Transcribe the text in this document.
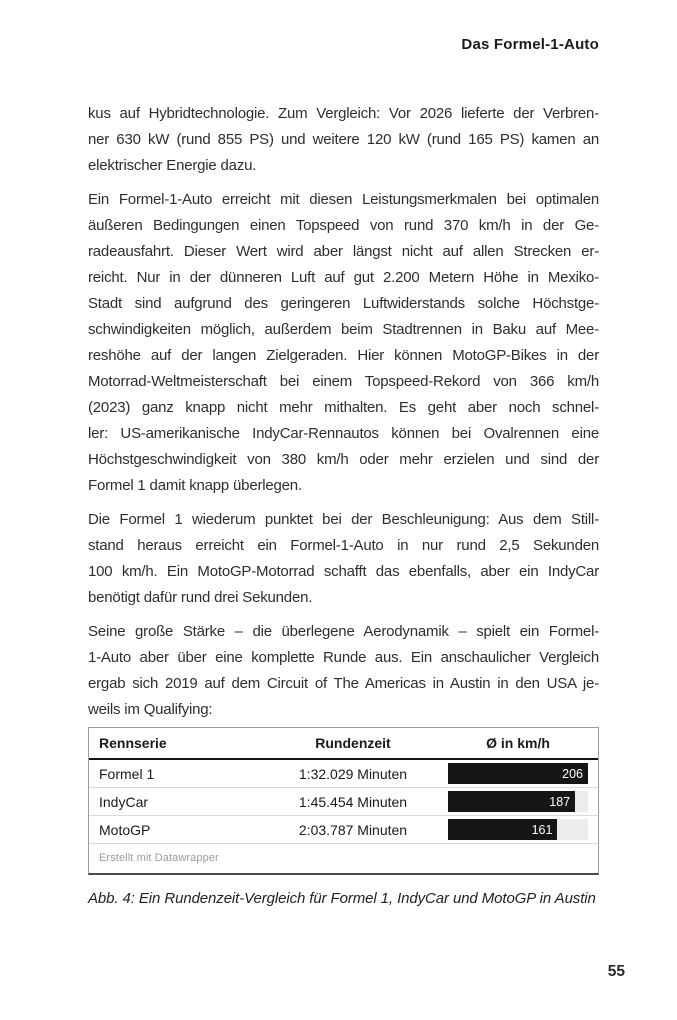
Das Formel-1-Auto
kus auf Hybridtechnologie. Zum Vergleich: Vor 2026 lieferte der Verbren-
ner 630 kW (rund 855 PS) und weitere 120 kW (rund 165 PS) kamen an
elektrischer Energie dazu.
Ein Formel-1-Auto erreicht mit diesen Leistungsmerkmalen bei optimalen
äußeren Bedingungen einen Topspeed von rund 370 km/h in der Ge-
radeausfahrt. Dieser Wert wird aber längst nicht auf allen Strecken er-
reicht. Nur in der dünneren Luft auf gut 2.200 Metern Höhe in Mexiko-
Stadt sind aufgrund des geringeren Luftwiderstands solche Höchstge-
schwindigkeiten möglich, außerdem beim Stadtrennen in Baku auf Mee-
reshöhe auf der langen Zielgeraden. Hier können MotoGP-Bikes in der
Motorrad-Weltmeisterschaft bei einem Topspeed-Rekord von 366 km/h
(2023) ganz knapp nicht mehr mithalten. Es geht aber noch schnel-
ler: US-amerikanische IndyCar-Rennautos können bei Ovalrennen eine
Höchstgeschwindigkeit von 380 km/h oder mehr erzielen und sind der
Formel 1 damit knapp überlegen.
Die Formel 1 wiederum punktet bei der Beschleunigung: Aus dem Still-
stand heraus erreicht ein Formel-1-Auto in nur rund 2,5 Sekunden
100 km/h. Ein MotoGP-Motorrad schafft das ebenfalls, aber ein IndyCar
benötigt dafür rund drei Sekunden.
Seine große Stärke – die überlegene Aerodynamik – spielt ein Formel-
1-Auto aber über eine komplette Runde aus. Ein anschaulicher Vergleich
ergab sich 2019 auf dem Circuit of The Americas in Austin in den USA je-
weils im Qualifying:
Rennserie	Rundenzeit	Ø in km/h
Formel 1	1:32.029 Minuten	206
IndyCar	1:45.454 Minuten	187
MotoGP	2:03.787 Minuten	161
Erstellt mit Datawrapper
Abb. 4: Ein Rundenzeit-Vergleich für Formel 1, IndyCar und MotoGP in Austin
55
